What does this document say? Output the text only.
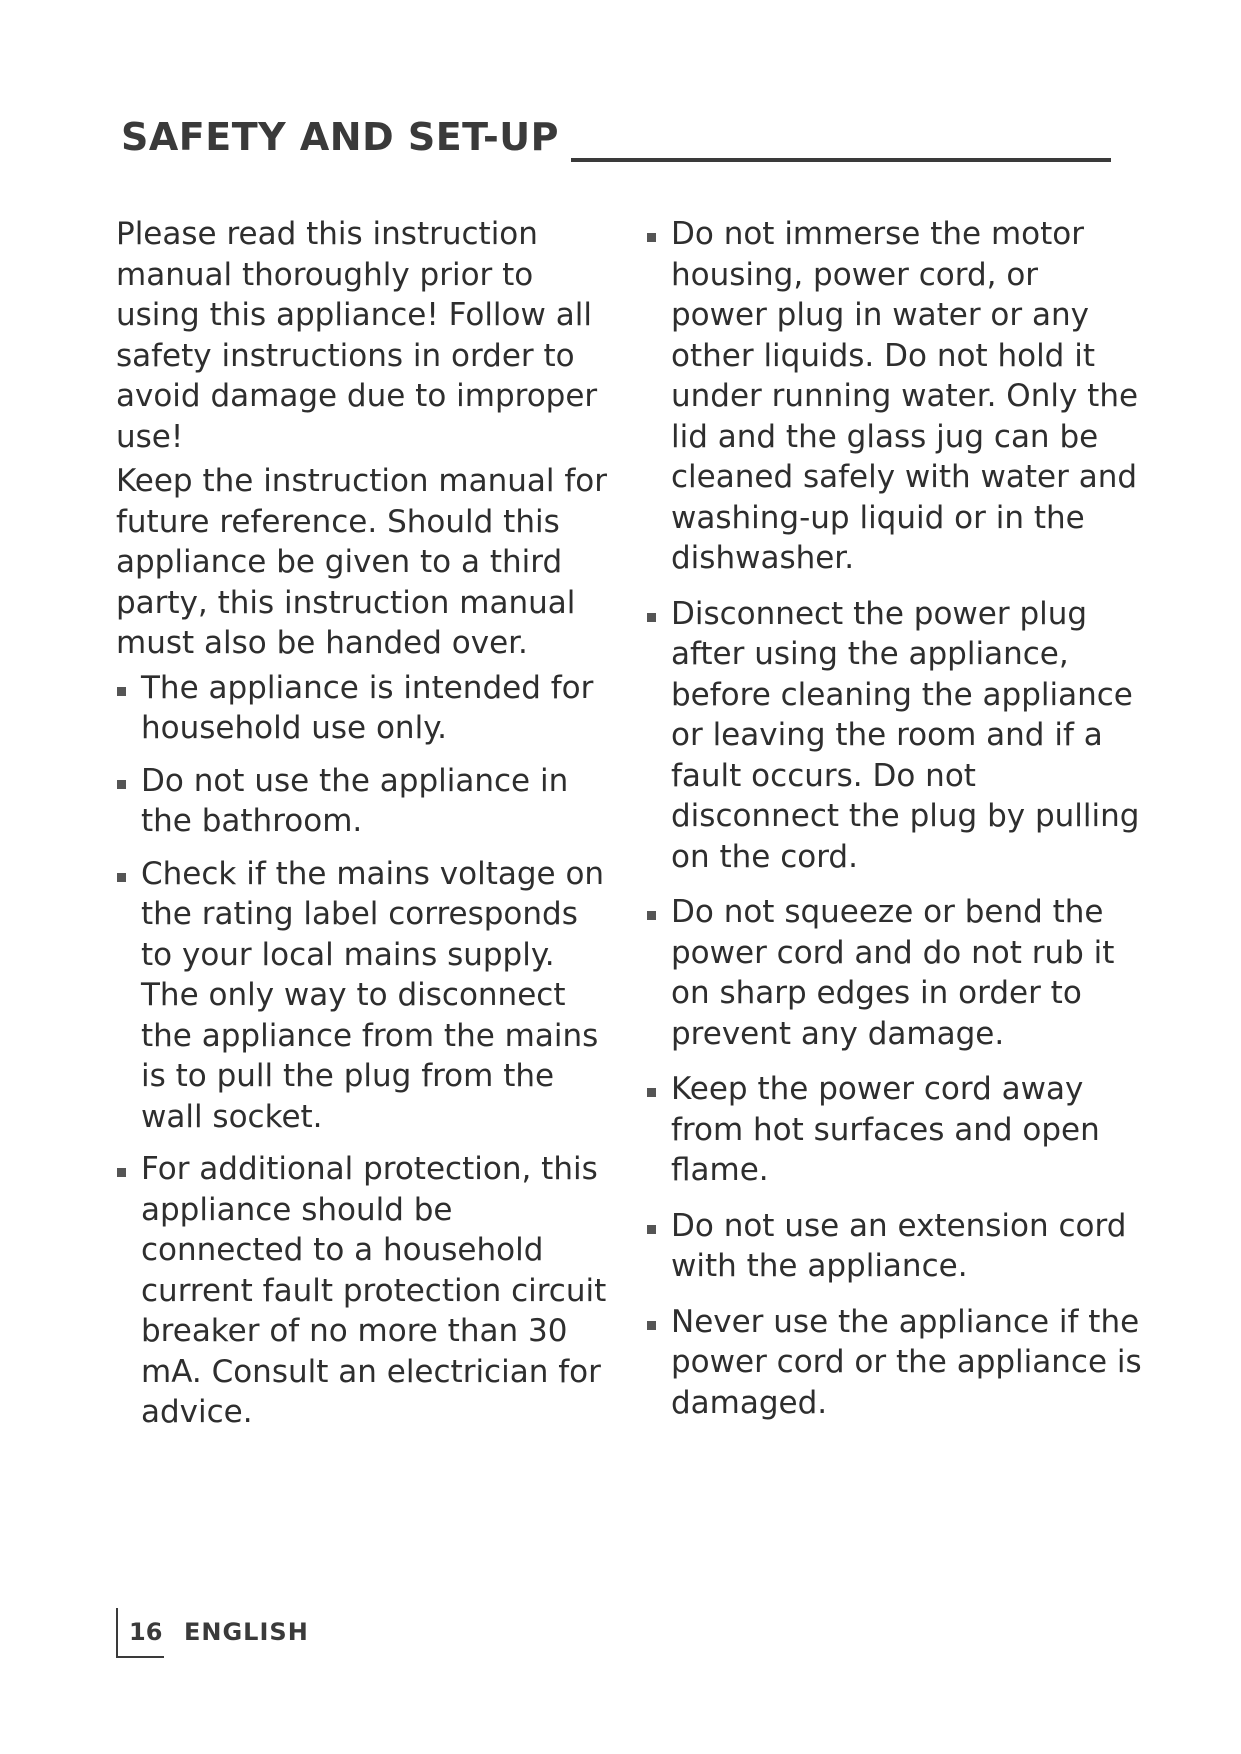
SAFETY AND SET-UP

Please read this instruction manual thoroughly prior to using this appliance! Follow all safety instructions in order to avoid damage due to improper use!

Keep the instruction manual for future reference. Should this appliance be given to a third party, this instruction manual must also be handed over.

The appliance is intended for household use only.
Do not use the appliance in the bathroom.
Check if the mains voltage on the rating label corresponds to your local mains supply. The only way to disconnect the appliance from the mains is to pull the plug from the wall socket.
For additional protection, this appliance should be connected to a household current fault protection circuit breaker of no more than 30 mA. Consult an electrician for advice.
Do not immerse the motor housing, power cord, or power plug in water or any other liquids. Do not hold it under running water. Only the lid and the glass jug can be cleaned safely with water and washing-up liquid or in the dishwasher.
Disconnect the power plug after using the appliance, before cleaning the appliance or leaving the room and if a fault occurs. Do not disconnect the plug by pulling on the cord.
Do not squeeze or bend the power cord and do not rub it on sharp edges in order to prevent any damage.
Keep the power cord away from hot surfaces and open flame.
Do not use an extension cord with the appliance.
Never use the appliance if the power cord or the appliance is damaged.
16 ENGLISH
